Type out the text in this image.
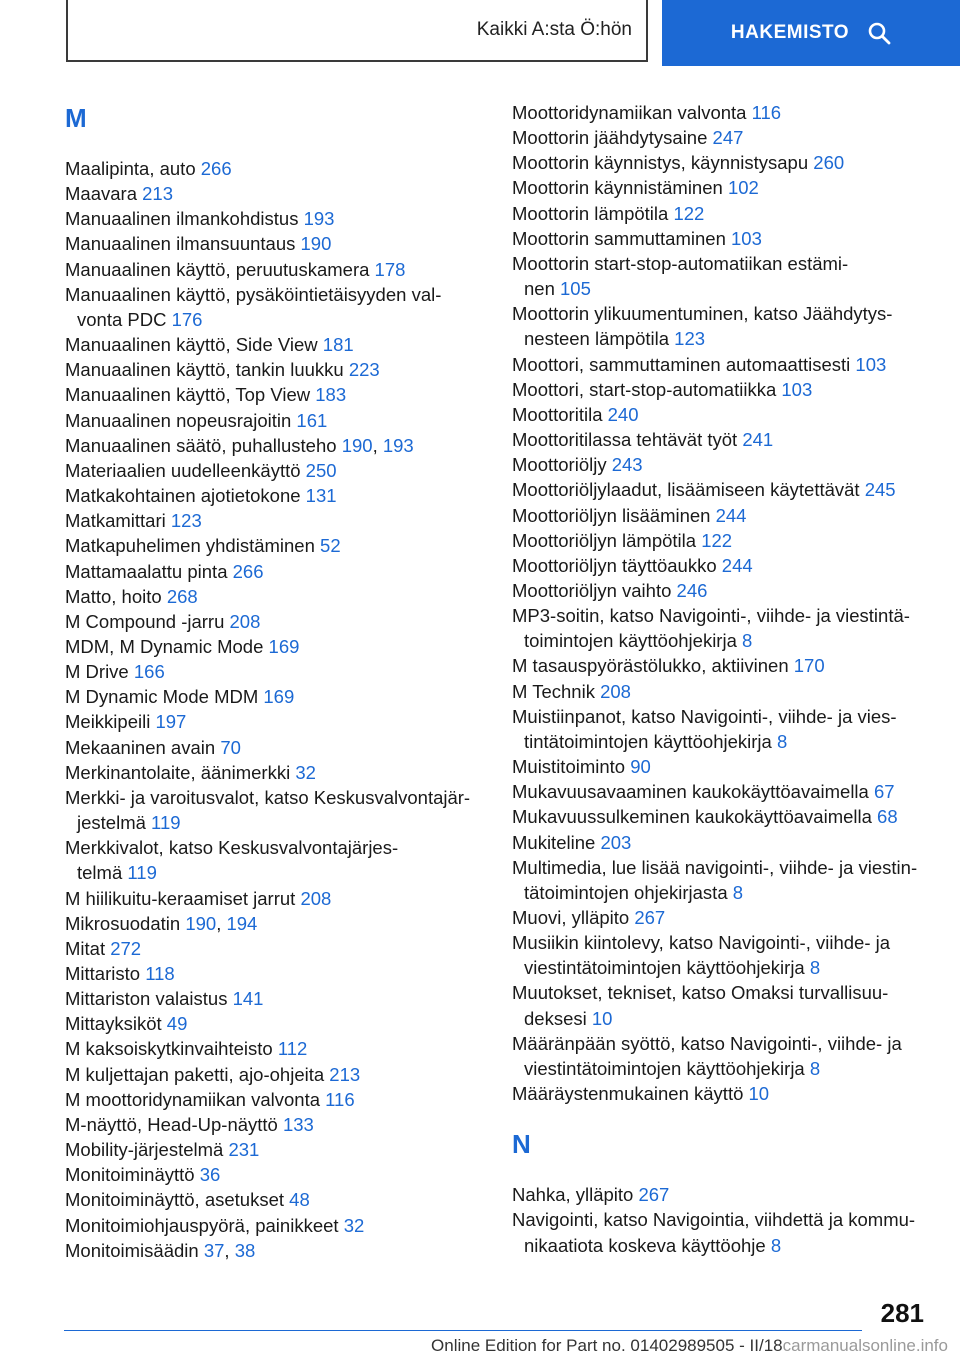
Kaikki A:sta Ö:hön	HAKEMISTO
M
Maalipinta, auto 266
Maavara 213
Manuaalinen ilmankohdistus 193
Manuaalinen ilmansuuntaus 190
Manuaalinen käyttö, peruutuskamera 178
Manuaalinen käyttö, pysäköintietäisyyden val-
vonta PDC 176
Manuaalinen käyttö, Side View 181
Manuaalinen käyttö, tankin luukku 223
Manuaalinen käyttö, Top View 183
Manuaalinen nopeusrajoitin 161
Manuaalinen säätö, puhallusteho 190, 193
Materiaalien uudelleenkäyttö 250
Matkakohtainen ajotietokone 131
Matkamittari 123
Matkapuhelimen yhdistäminen 52
Mattamaalattu pinta 266
Matto, hoito 268
M Compound -jarru 208
MDM, M Dynamic Mode 169
M Drive 166
M Dynamic Mode MDM 169
Meikkipeili 197
Mekaaninen avain 70
Merkinantolaite, äänimerkki 32
Merkki- ja varoitusvalot, katso Keskusvalvontajär-
jestelmä 119
Merkkivalot, katso Keskusvalvontajärjes-
telmä 119
M hiilikuitu-keraamiset jarrut 208
Mikrosuodatin 190, 194
Mitat 272
Mittaristo 118
Mittariston valaistus 141
Mittayksiköt 49
M kaksoiskytkinvaihteisto 112
M kuljettajan paketti, ajo-ohjeita 213
M moottoridynamiikan valvonta 116
M-näyttö, Head-Up-näyttö 133
Mobility-järjestelmä 231
Monitoiminäyttö 36
Monitoiminäyttö, asetukset 48
Monitoimiohjauspyörä, painikkeet 32
Monitoimisäädin 37, 38
Moottoridynamiikan valvonta 116
Moottorin jäähdytysaine 247
Moottorin käynnistys, käynnistysapu 260
Moottorin käynnistäminen 102
Moottorin lämpötila 122
Moottorin sammuttaminen 103
Moottorin start-stop-automatiikan estämi-
nen 105
Moottorin ylikuumentuminen, katso Jäähdytys-
nesteen lämpötila 123
Moottori, sammuttaminen automaattisesti 103
Moottori, start-stop-automatiikka 103
Moottoritila 240
Moottoritilassa tehtävät työt 241
Moottoriöljy 243
Moottoriöljylaadut, lisäämiseen käytettävät 245
Moottoriöljyn lisääminen 244
Moottoriöljyn lämpötila 122
Moottoriöljyn täyttöaukko 244
Moottoriöljyn vaihto 246
MP3-soitin, katso Navigointi-, viihde- ja viestintä-
toimintojen käyttöohjekirja 8
M tasauspyörästölukko, aktiivinen 170
M Technik 208
Muistiinpanot, katso Navigointi-, viihde- ja vies-
tintätoimintojen käyttöohjekirja 8
Muistitoiminto 90
Mukavuusavaaminen kaukokäyttöavaimella 67
Mukavuussulkeminen kaukokäyttöavaimella 68
Mukiteline 203
Multimedia, lue lisää navigointi-, viihde- ja viestin-
tätoimintojen ohjekirjasta 8
Muovi, ylläpito 267
Musiikin kiintolevy, katso Navigointi-, viihde- ja
viestintätoimintojen käyttöohjekirja 8
Muutokset, tekniset, katso Omaksi turvallisuu-
deksesi 10
Määränpään syöttö, katso Navigointi-, viihde- ja
viestintätoimintojen käyttöohjekirja 8
Määräystenmukainen käyttö 10
N
Nahka, ylläpito 267
Navigointi, katso Navigointia, viihdettä ja kommu-
nikaatiota koskeva käyttöohje 8
281
Online Edition for Part no. 01402989505 - II/18carmanualsonline.info
